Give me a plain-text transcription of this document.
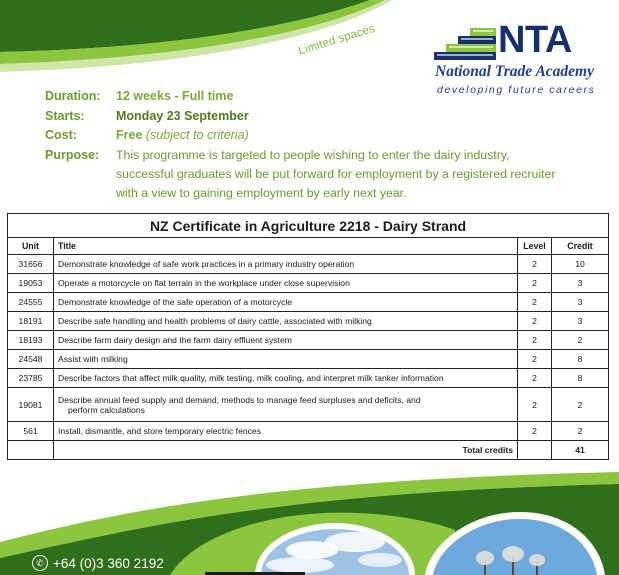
Limited spaces	NTA
National Trade Academy
developing future careers
Duration: 12 weeks - Full time
Starts:	Monday 23 September
Cost:	Free (subject to criteria)
Purpose: This programme is targeted to people wishing to enter the dairy industry,
successful graduates will be put forward for employment by a registered recruiter
with a view to gaining employment by early next year.
NZ Certificate in Agriculture 2218 - Dairy Strand			
Unit	Title	Level	Credit
31656	Demonstrate knowledge of safe work practices in a primary industry operation	2	10
19053	Operate a motorcycle on flat terrain in the workplace under close supervision	2	3
24555	Demonstrate knowledge of the safe operation of a motorcycle	2	3
18191	Describe safe handling and health problems of dairy cattle, associated with milking	2	3
18193	Describe farm dairy design and the farm dairy effluent system	2	2
24548	Assist with milking	2	8
23785	Describe factors that affect milk quality, milk testing, milk cooling, and interpret milk tanker information	2	8
19081	Describe annual feed supply and demand, methods to manage feed surpluses and deficits, and
perform calculations	2	2
561	Install, dismantle, and store temporary electric fences	2	2
	Total credits		41
✆ +64 (0)3 360 2192
